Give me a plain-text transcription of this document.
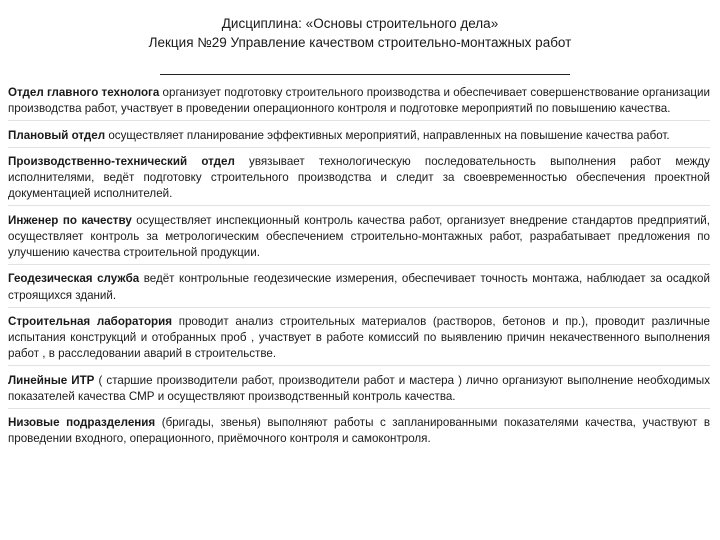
Дисциплина: «Основы строительного дела»
Лекция №29 Управление качеством строительно-монтажных работ

Отдел главного технолога организует подготовку строительного производства и обеспечивает совершенствование организации производства работ, участвует в проведении операционного контроля и подготовке мероприятий по повышению качества.

Плановый отдел осуществляет планирование эффективных мероприятий, направленных на повышение качества работ.

Производственно-технический отдел увязывает технологическую последовательность выполнения работ между исполнителями, ведёт подготовку строительного производства и следит за своевременностью обеспечения проектной документацией исполнителей.

Инженер по качеству осуществляет инспекционный контроль качества работ, организует внедрение стандартов предприятий, осуществляет контроль за метрологическим обеспечением строительно-монтажных работ, разрабатывает предложения по улучшению качества строительной продукции.

Геодезическая служба ведёт контрольные геодезические измерения, обеспечивает точность монтажа, наблюдает за осадкой строящихся зданий.

Строительная лаборатория проводит анализ строительных материалов (растворов, бетонов и пр.), проводит различные испытания конструкций и отобранных проб , участвует в работе комиссий по выявлению причин некачественного выполнения работ , в расследовании аварий в строительстве.

Линейные ИТР ( старшие производители работ, производители работ и мастера ) лично организуют выполнение необходимых показателей качества СМР и осуществляют производственный контроль качества.

Низовые подразделения (бригады, звенья) выполняют работы с запланированными показателями качества, участвуют в проведении входного, операционного, приёмочного контроля и самоконтроля.
